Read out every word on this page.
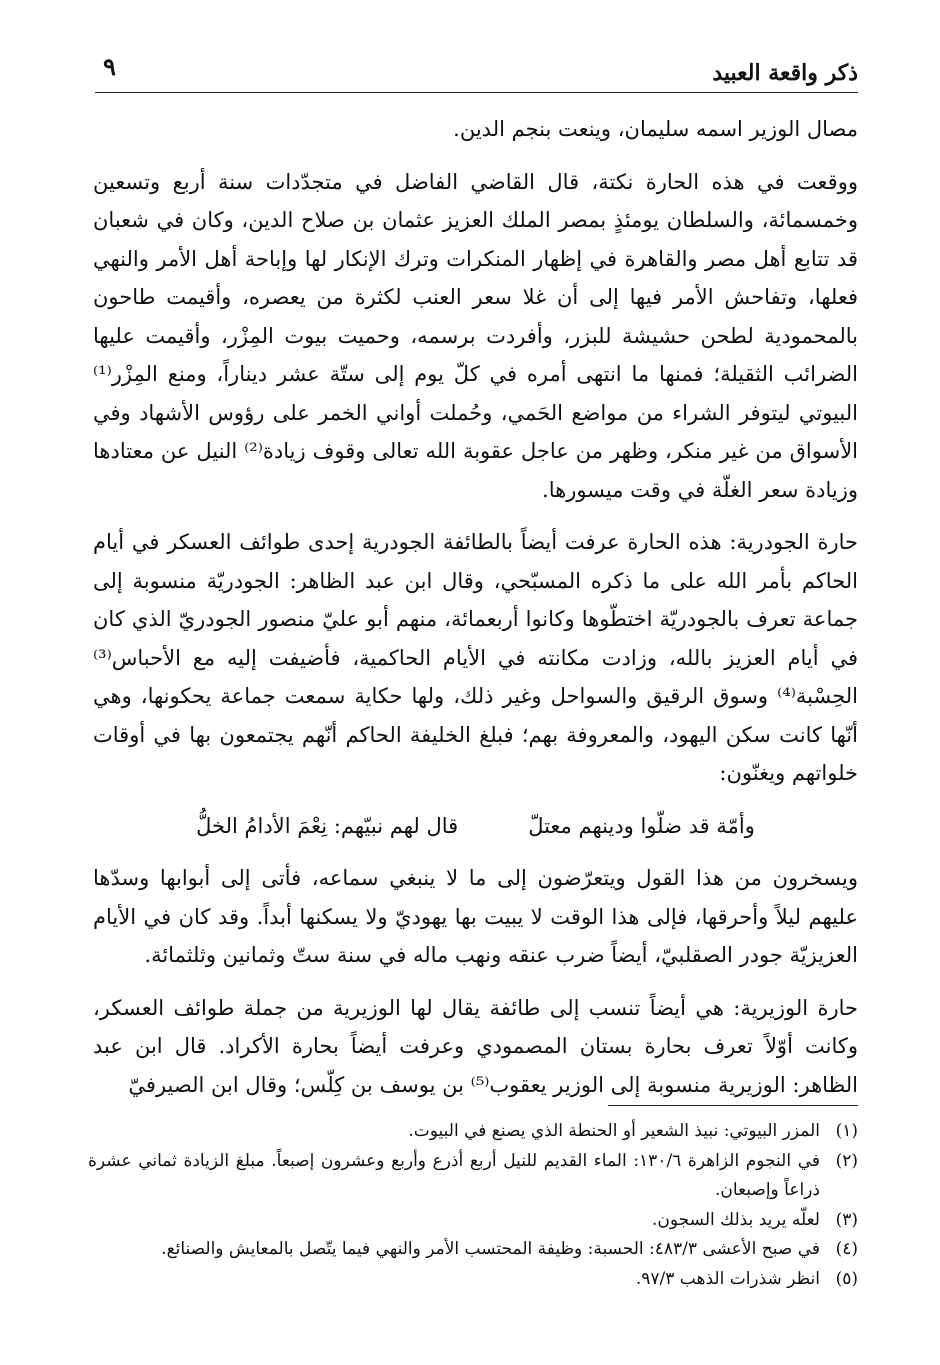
ذكر واقعة العبيد
٩

مصال الوزير اسمه سليمان، وينعت بنجم الدين.

ووقعت في هذه الحارة نكتة، قال القاضي الفاضل في متجدّدات سنة أربع وتسعين وخمسمائة، والسلطان يومئذٍ بمصر الملك العزيز عثمان بن صلاح الدين، وكان في شعبان قد تتابع أهل مصر والقاهرة في إظهار المنكرات وترك الإنكار لها وإباحة أهل الأمر والنهي فعلها، وتفاحش الأمر فيها إلى أن غلا سعر العنب لكثرة من يعصره، وأقيمت طاحون بالمحمودية لطحن حشيشة للبزر، وأفردت برسمه، وحميت بيوت المِزْر، وأقيمت عليها الضرائب الثقيلة؛ فمنها ما انتهى أمره في كلّ يوم إلى ستّة عشر ديناراً، ومنع المِزْر⁽¹⁾ البيوتي ليتوفر الشراء من مواضع الحَمي، وحُملت أواني الخمر على رؤوس الأشهاد وفي الأسواق من غير منكر، وظهر من عاجل عقوبة الله تعالى وقوف زيادة⁽²⁾ النيل عن معتادها وزيادة سعر الغلّة في وقت ميسورها.

حارة الجودرية: هذه الحارة عرفت أيضاً بالطائفة الجودرية إحدى طوائف العسكر في أيام الحاكم بأمر الله على ما ذكره المسبّحي، وقال ابن عبد الظاهر: الجودريّة منسوبة إلى جماعة تعرف بالجودريّة اختطّوها وكانوا أربعمائة، منهم أبو عليّ منصور الجودريّ الذي كان في أيام العزيز بالله، وزادت مكانته في الأيام الحاكمية، فأضيفت إليه مع الأحباس⁽³⁾ الحِسْبة⁽⁴⁾ وسوق الرقيق والسواحل وغير ذلك، ولها حكاية سمعت جماعة يحكونها، وهي أنّها كانت سكن اليهود، والمعروفة بهم؛ فبلغ الخليفة الحاكم أنّهم يجتمعون بها في أوقات خلواتهم ويغنّون:

وأمّة قد ضلّوا ودينهم معتلّ
قال لهم نبيّهم: نِعْمَ الأدامُ الخلُّ

ويسخرون من هذا القول ويتعرّضون إلى ما لا ينبغي سماعه، فأتى إلى أبوابها وسدّها عليهم ليلاً وأحرقها، فإلى هذا الوقت لا يبيت بها يهوديّ ولا يسكنها أبداً. وقد كان في الأيام العزيزيّة جودر الصقلبيّ، أيضاً ضرب عنقه ونهب ماله في سنة ستّ وثمانين وثلثمائة.

حارة الوزيرية: هي أيضاً تنسب إلى طائفة يقال لها الوزيرية من جملة طوائف العسكر، وكانت أوّلاً تعرف بحارة بستان المصمودي وعرفت أيضاً بحارة الأكراد. قال ابن عبد الظاهر: الوزيرية منسوبة إلى الوزير يعقوب⁽⁵⁾ بن يوسف بن كِلّس؛ وقال ابن الصيرفيّ

(١)
المزر البيوتي: نبيذ الشعير أو الحنطة الذي يصنع في البيوت.
(٢)
في النجوم الزاهرة ١٣٠/٦: الماء القديم للنيل أربع أذرع وأربع وعشرون إصبعاً. مبلغ الزيادة ثماني عشرة ذراعاً وإصبعان.
(٣)
لعلّه يريد بذلك السجون.
(٤)
في صبح الأعشى ٤٨٣/٣: الحسبة: وظيفة المحتسب الأمر والنهي فيما يتّصل بالمعايش والصنائع.
(٥)
انظر شذرات الذهب ٩٧/٣.
